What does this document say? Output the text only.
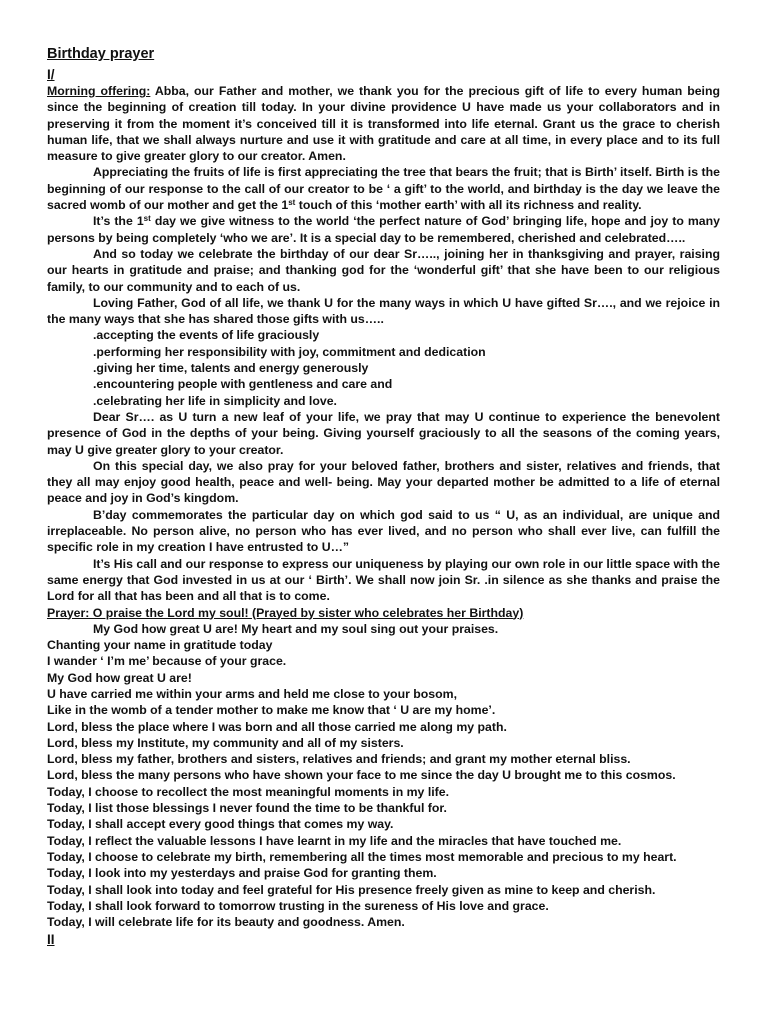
Birthday prayer
I/

Morning offering: Abba, our Father and mother, we thank you for the precious gift of life to every human being since the beginning of creation till today. In your divine providence U have made us your collaborators and in preserving it from the moment it’s conceived till it is transformed into life eternal. Grant us the grace to cherish human life, that we shall always nurture and use it with gratitude and care at all time, in every place and to its full measure to give greater glory to our creator. Amen.

Appreciating the fruits of life is first appreciating the tree that bears the fruit; that is Birth’ itself. Birth is the beginning of our response to the call of our creator to be ‘ a gift’ to the world, and birthday is the day we leave the sacred womb of our mother and get the 1st touch of this ‘mother earth’ with all its richness and reality.

It’s the 1st day we give witness to the world ‘the perfect nature of God’ bringing life, hope and joy to many persons by being completely ‘who we are’. It is a special day to be remembered, cherished and celebrated…..

And so today we celebrate the birthday of our dear Sr….., joining her in thanksgiving and prayer, raising our hearts in gratitude and praise; and thanking god for the ‘wonderful gift’ that she have been to our religious family, to our community and to each of us.

Loving Father, God of all life, we thank U for the many ways in which U have gifted Sr…., and we rejoice in the many ways that she has shared those gifts with us…..

.accepting the events of life graciously

.performing her responsibility with joy, commitment and dedication

.giving her time, talents and energy generously

.encountering people with gentleness and care and

.celebrating her life in simplicity and love.

Dear Sr…. as U turn a new leaf of your life, we pray that may U continue to experience the benevolent presence of God in the depths of your being. Giving yourself graciously to all the seasons of the coming years, may U give greater glory to your creator.

On this special day, we also pray for your beloved father, brothers and sister, relatives and friends, that they all may enjoy good health, peace and well- being. May your departed mother be admitted to a life of eternal peace and joy in God’s kingdom.

B’day commemorates the particular day on which god said to us “ U, as an individual, are unique and irreplaceable. No person alive, no person who has ever lived, and no person who shall ever live, can fulfill the specific role in my creation I have entrusted to U…”

It’s His call and our response to express our uniqueness by playing our own role in our little space with the same energy that God invested in us at our ‘ Birth’. We shall now join Sr. .in silence as she thanks and praise the Lord for all that has been and all that is to come.

Prayer: O praise the Lord my soul! (Prayed by sister who celebrates her Birthday)

My God how great U are! My heart and my soul sing out your praises.

Chanting your name in gratitude today

I wander ‘ I’m me’ because of your grace.

My God how great U are!

U have carried me within your arms and held me close to your bosom,

Like in the womb of a tender mother to make me know that ‘ U are my home’.

Lord, bless the place where I was born and all those carried me along my path.

Lord, bless my Institute, my community and all of my sisters.

Lord, bless my father, brothers and sisters, relatives and friends; and grant my mother eternal bliss.

Lord, bless the many persons who have shown your face to me since the day U brought me to this cosmos.

Today, I choose to recollect the most meaningful moments in my life.

Today, I list those blessings I never found the time to be thankful for.

Today, I shall accept every good things that comes my way.

Today, I reflect the valuable lessons I have learnt in my life and the miracles that have touched me.

Today, I choose to celebrate my birth, remembering all the times most memorable and precious to my heart.

Today, I look into my yesterdays and praise God for granting them.

Today, I shall look into today and feel grateful for His presence freely given as mine to keep and cherish.

Today, I shall look forward to tomorrow trusting in the sureness of His love and grace.

Today, I will celebrate life for its beauty and goodness. Amen.

II
